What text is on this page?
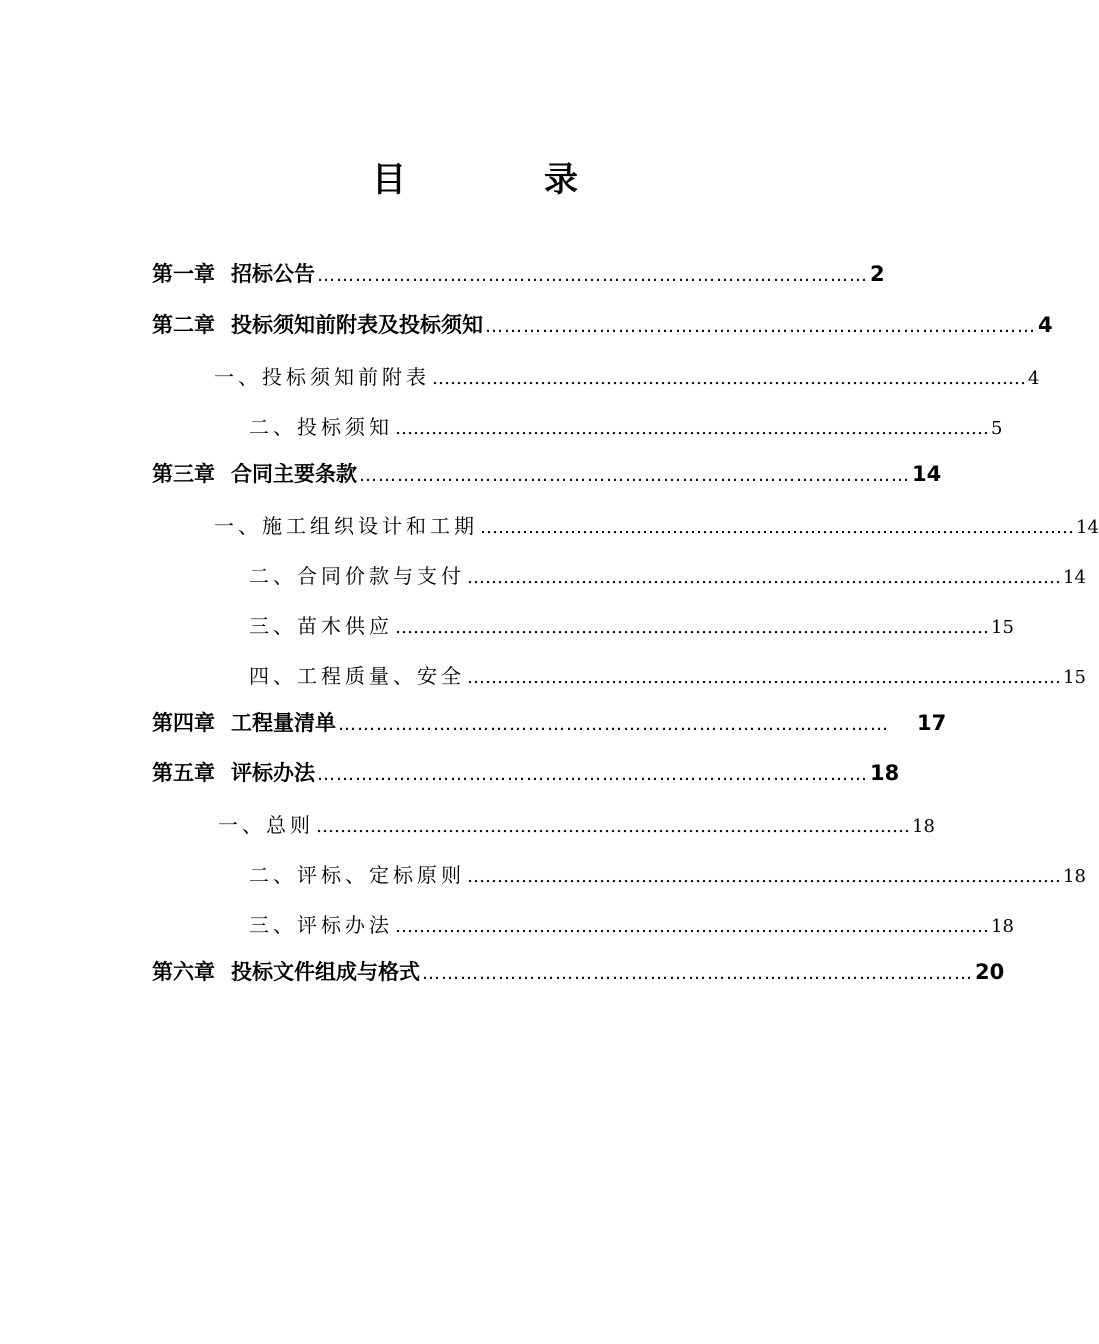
目　录
第一章 招标公告 …………………………………………………………………………… 2
第二章 投标须知前附表及投标须知 …………………………………………………………………………… 4
一、投标须知前附表 ……………………………………………………………………………………… 4
二、投标须知 ……………………………………………………………………………………… 5
第三章 合同主要条款 …………………………………………………………………………… 14
一、施工组织设计和工期 ……………………………………………………………………………………… 14
二、合同价款与支付 ……………………………………………………………………………………… 14
三、苗木供应 ……………………………………………………………………………………… 15
四、工程质量、安全 ……………………………………………………………………………………… 15
第四章 工程量清单 …………………………………………………………………………… 17
第五章 评标办法 …………………………………………………………………………… 18
一、总则 ……………………………………………………………………………………… 18
二、评标、定标原则 ……………………………………………………………………………………… 18
三、评标办法 ……………………………………………………………………………………… 18
第六章 投标文件组成与格式 …………………………………………………………………………… 20
